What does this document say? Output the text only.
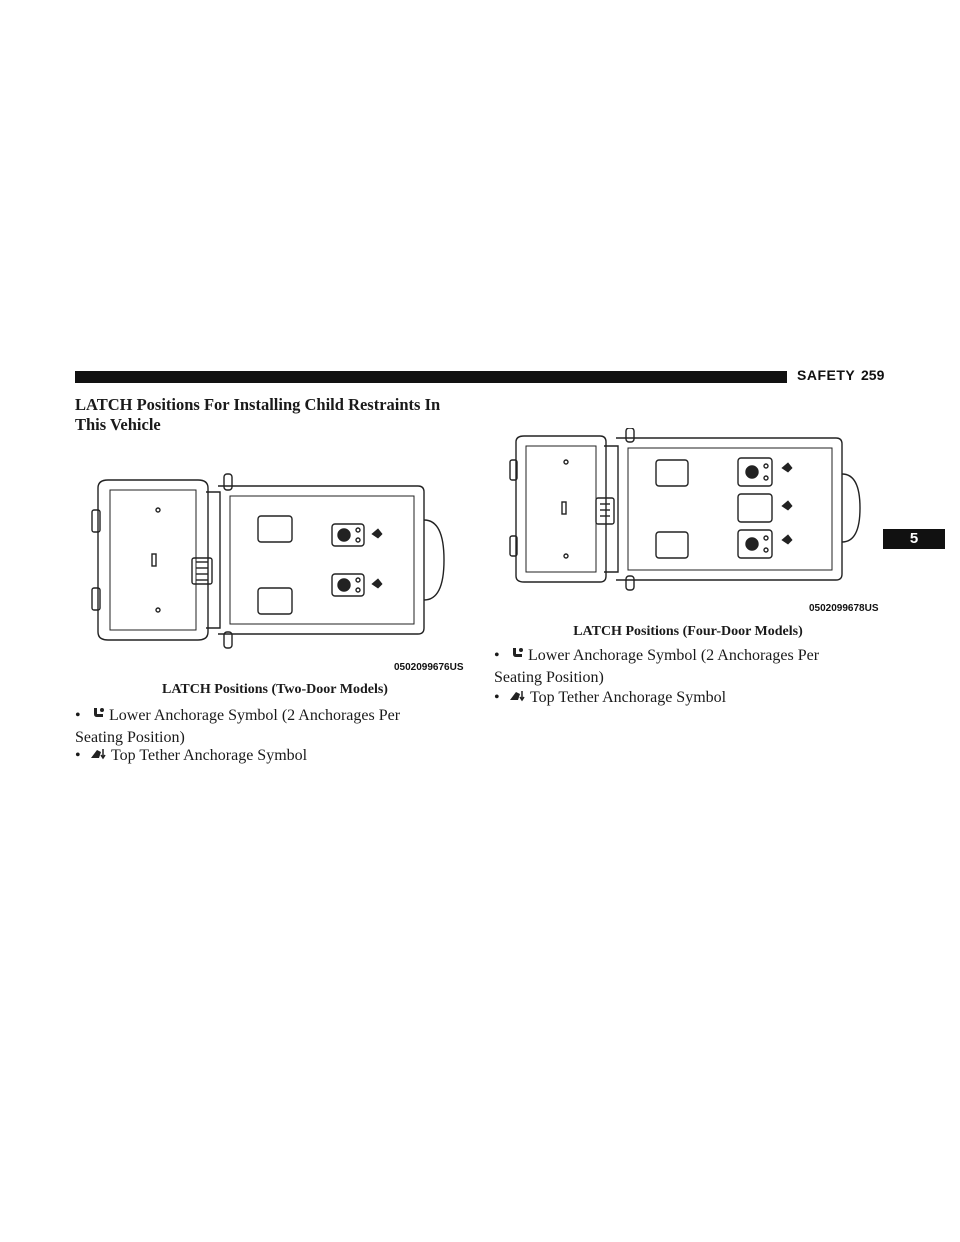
SAFETY 259
5
LATCH Positions For Installing Child Restraints In This Vehicle
0502099676US
LATCH Positions (Two-Door Models)
• Lower Anchorage Symbol (2 Anchorages Per
Seating Position)
• Top Tether Anchorage Symbol
0502099678US
LATCH Positions (Four-Door Models)
• Lower Anchorage Symbol (2 Anchorages Per
Seating Position)
• Top Tether Anchorage Symbol
